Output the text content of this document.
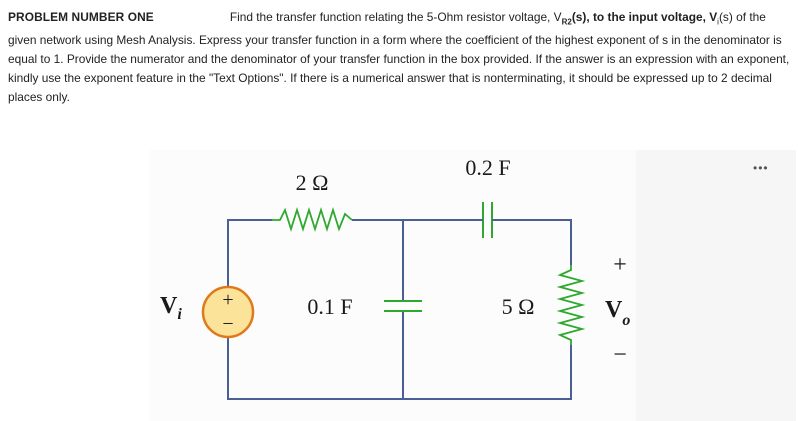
PROBLEM NUMBER ONE	Find the transfer function relating the 5-Ohm resistor voltage, $V_{R2}(s)$, to the input voltage, $V_i(s)$ of the given network using Mesh Analysis. Express your transfer function in a form where the coefficient of the highest exponent of s in the denominator is equal to 1. Provide the numerator and the denominator of your transfer function in the box provided. If the answer is an expression with an exponent, kindly use the exponent feature in the "Text Options". If there is a numerical answer that is nonterminating, it should be expressed up to 2 decimal places only.
•••
2 Ω
0.2 F
0.1 F	5 Ω
+
−
$V_i$
+
$V_o$
−
